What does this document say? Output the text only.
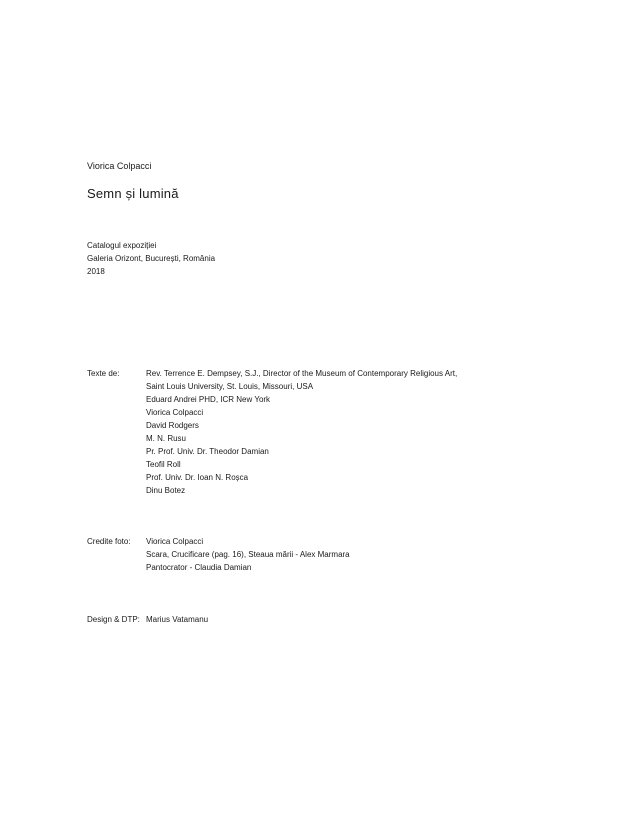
Viorica Colpacci
Semn și lumină
Catalogul expoziției
Galeria Orizont, București, România
2018
Texte de:	Rev. Terrence E. Dempsey, S.J., Director of the Museum of Contemporary Religious Art,
Saint Louis University, St. Louis, Missouri, USA
Eduard Andrei PHD, ICR New York
Viorica Colpacci
David Rodgers
M. N. Rusu
Pr. Prof. Univ. Dr. Theodor Damian
Teofil Roll
Prof. Univ. Dr. Ioan N. Roșca
Dinu Botez
Credite foto: Viorica Colpacci
Scara, Crucificare (pag. 16), Steaua mării - Alex Marmara
Pantocrator - Claudia Damian
Design & DTP: Marius Vatamanu
